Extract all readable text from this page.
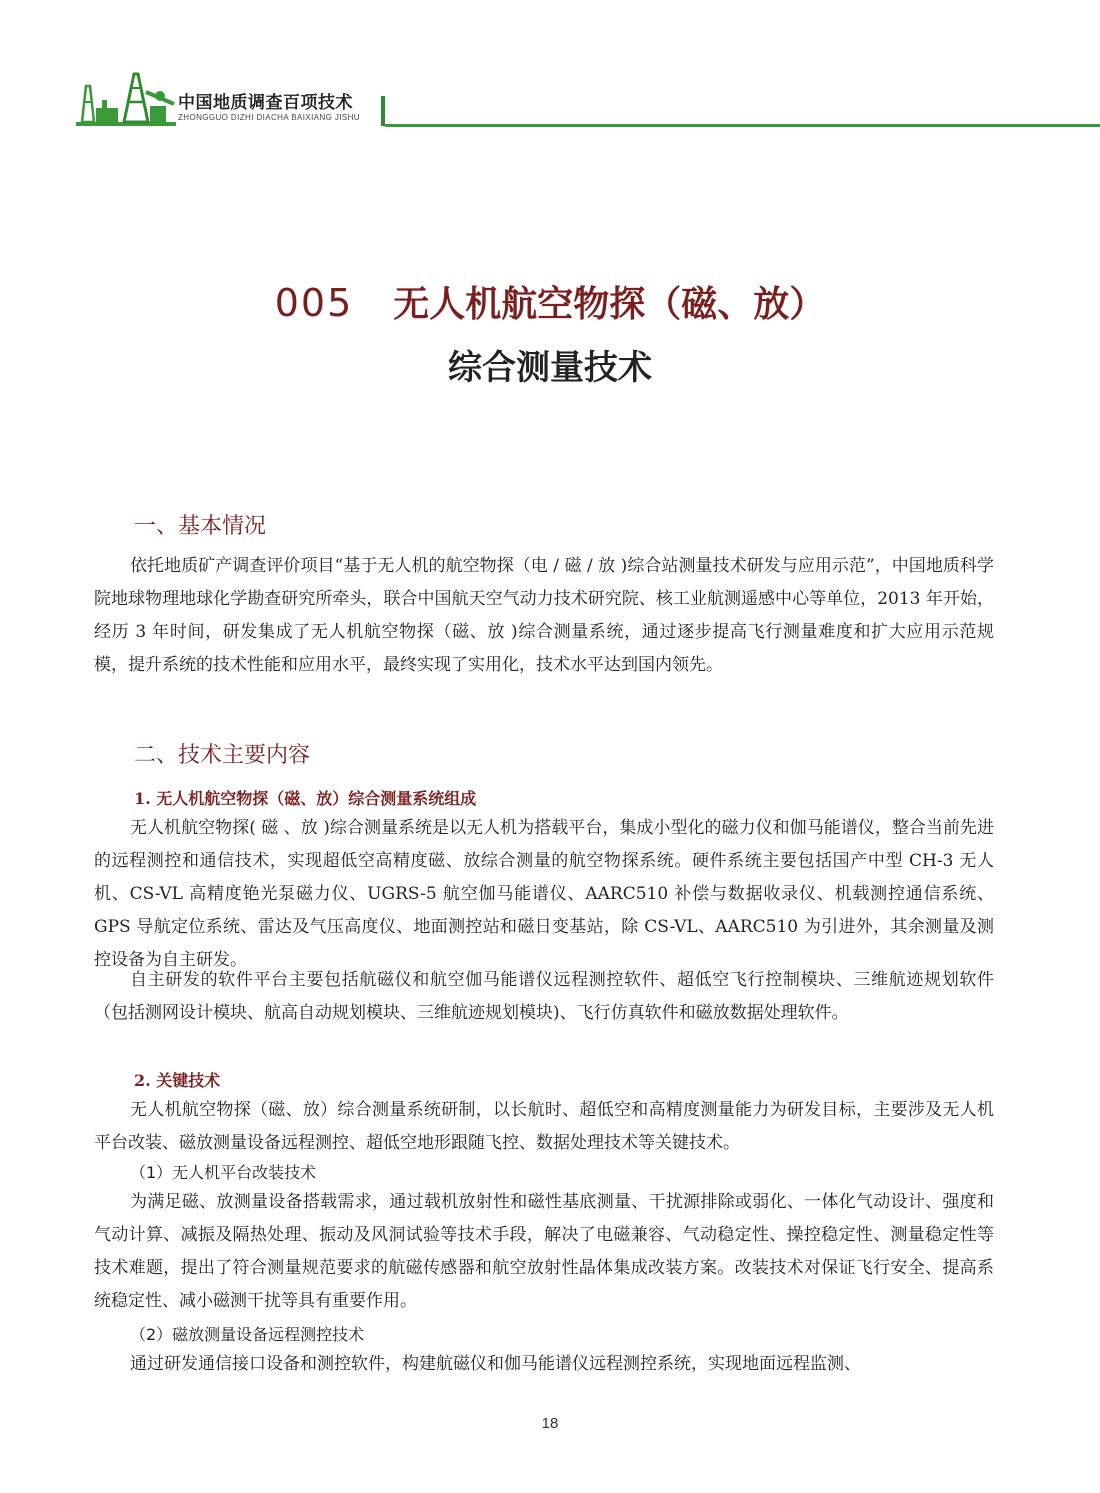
中国地质调查百项技术
ZHONGGUO DIZHI DIACHA BAIXIANG JISHU
005 无人机航空物探（磁、放）
综合测量技术
一、基本情况

依托地质矿产调查评价项目“基于无人机的航空物探（电 / 磁 / 放 )综合站测量技术研发与应用示范”，中国地质科学院地球物理地球化学勘查研究所牵头，联合中国航天空气动力技术研究院、核工业航测遥感中心等单位，2013 年开始，经历 3 年时间，研发集成了无人机航空物探（磁、放 )综合测量系统，通过逐步提高飞行测量难度和扩大应用示范规模，提升系统的技术性能和应用水平，最终实现了实用化，技术水平达到国内领先。

二、技术主要内容
1. 无人机航空物探（磁、放）综合测量系统组成

无人机航空物探( 磁 、放 )综合测量系统是以无人机为搭载平台，集成小型化的磁力仪和伽马能谱仪，整合当前先进的远程测控和通信技术，实现超低空高精度磁、放综合测量的航空物探系统。硬件系统主要包括国产中型 CH-3 无人机、CS-VL 高精度铯光泵磁力仪、UGRS-5 航空伽马能谱仪、AARC510 补偿与数据收录仪、机载测控通信系统、GPS 导航定位系统、雷达及气压高度仪、地面测控站和磁日变基站，除 CS-VL、AARC510 为引进外，其余测量及测控设备为自主研发。

自主研发的软件平台主要包括航磁仪和航空伽马能谱仪远程测控软件、超低空飞行控制模块、三维航迹规划软件（包括测网设计模块、航高自动规划模块、三维航迹规划模块)、飞行仿真软件和磁放数据处理软件。

2. 关键技术

无人机航空物探（磁、放）综合测量系统研制，以长航时、超低空和高精度测量能力为研发目标，主要涉及无人机平台改装、磁放测量设备远程测控、超低空地形跟随飞控、数据处理技术等关键技术。

（1）无人机平台改装技术

为满足磁、放测量设备搭载需求，通过载机放射性和磁性基底测量、干扰源排除或弱化、一体化气动设计、强度和气动计算、减振及隔热处理、振动及风洞试验等技术手段，解决了电磁兼容、气动稳定性、操控稳定性、测量稳定性等技术难题，提出了符合测量规范要求的航磁传感器和航空放射性晶体集成改装方案。改装技术对保证飞行安全、提高系统稳定性、减小磁测干扰等具有重要作用。

（2）磁放测量设备远程测控技术

通过研发通信接口设备和测控软件，构建航磁仪和伽马能谱仪远程测控系统，实现地面远程监测、

18
